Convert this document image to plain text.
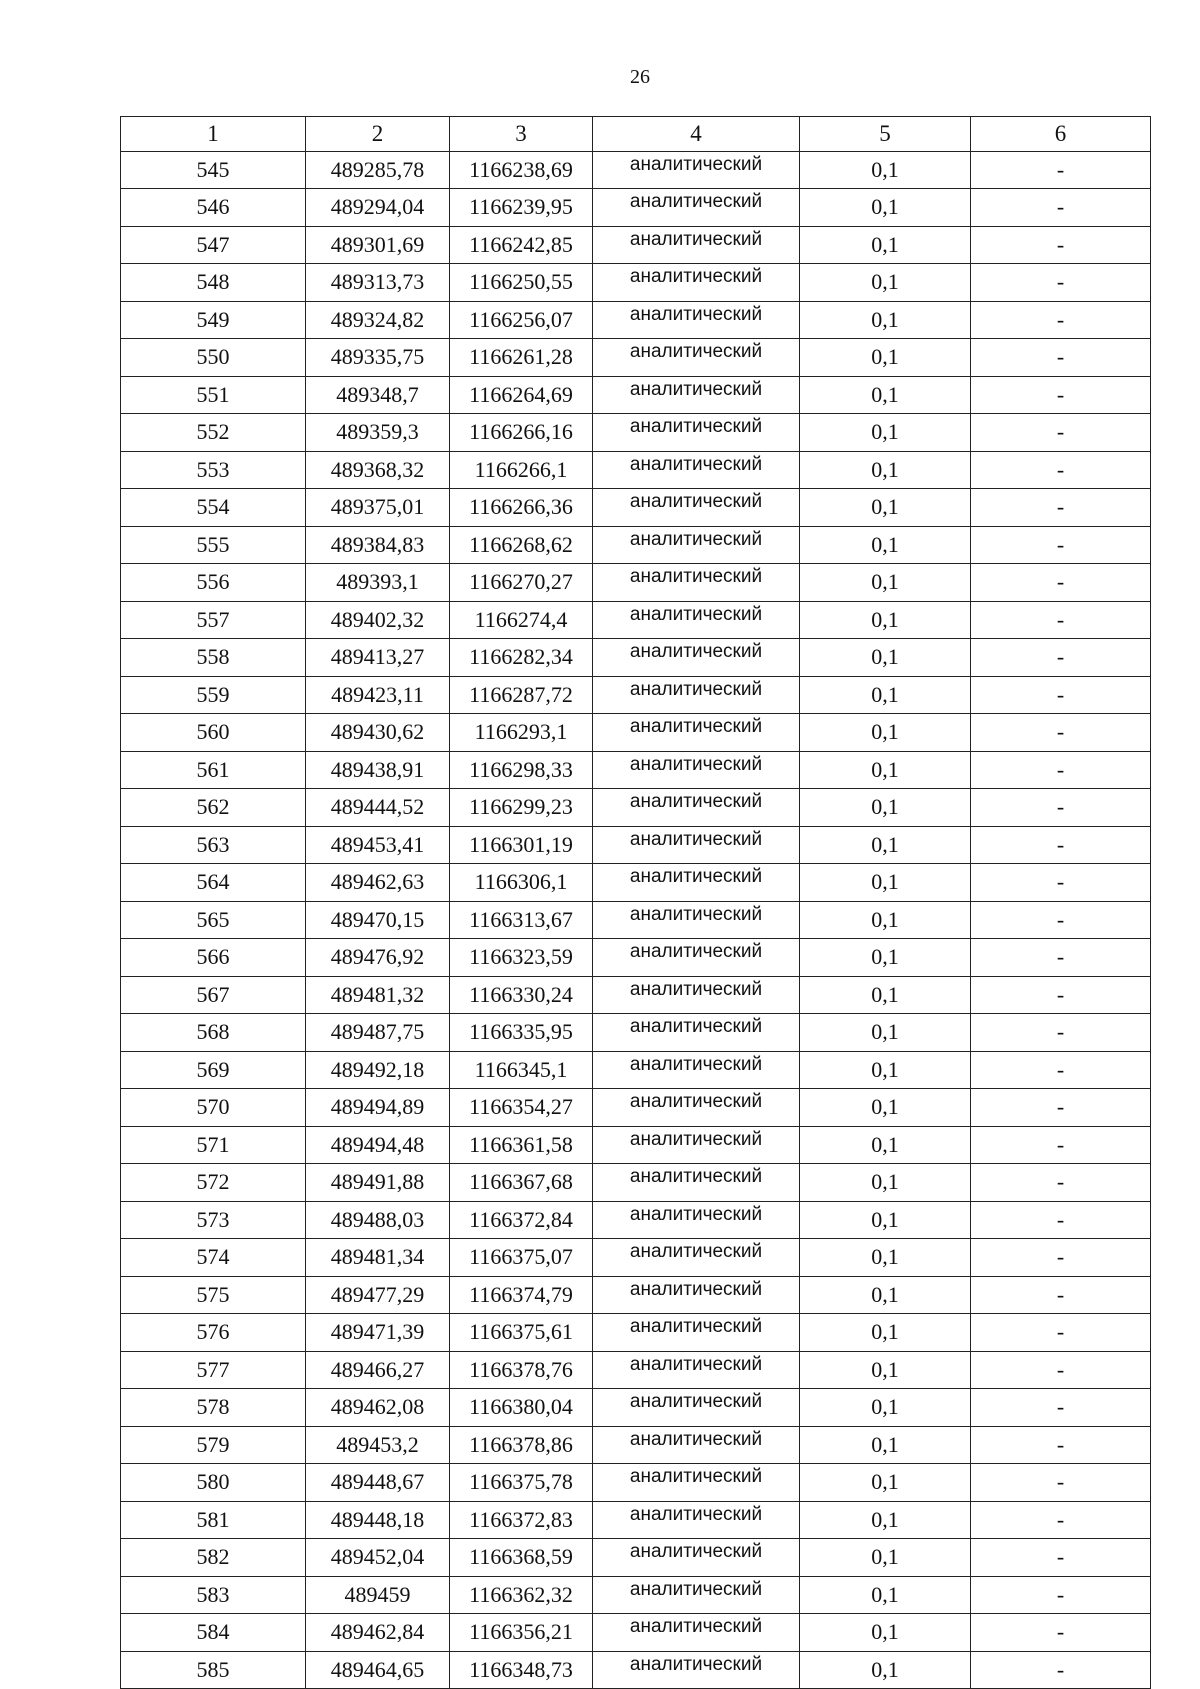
26
1	2	3	4	5	6
545	489285,78	1166238,69	аналитический	0,1	-
546	489294,04	1166239,95	аналитический	0,1	-
547	489301,69	1166242,85	аналитический	0,1	-
548	489313,73	1166250,55	аналитический	0,1	-
549	489324,82	1166256,07	аналитический	0,1	-
550	489335,75	1166261,28	аналитический	0,1	-
551	489348,7	1166264,69	аналитический	0,1	-
552	489359,3	1166266,16	аналитический	0,1	-
553	489368,32	1166266,1	аналитический	0,1	-
554	489375,01	1166266,36	аналитический	0,1	-
555	489384,83	1166268,62	аналитический	0,1	-
556	489393,1	1166270,27	аналитический	0,1	-
557	489402,32	1166274,4	аналитический	0,1	-
558	489413,27	1166282,34	аналитический	0,1	-
559	489423,11	1166287,72	аналитический	0,1	-
560	489430,62	1166293,1	аналитический	0,1	-
561	489438,91	1166298,33	аналитический	0,1	-
562	489444,52	1166299,23	аналитический	0,1	-
563	489453,41	1166301,19	аналитический	0,1	-
564	489462,63	1166306,1	аналитический	0,1	-
565	489470,15	1166313,67	аналитический	0,1	-
566	489476,92	1166323,59	аналитический	0,1	-
567	489481,32	1166330,24	аналитический	0,1	-
568	489487,75	1166335,95	аналитический	0,1	-
569	489492,18	1166345,1	аналитический	0,1	-
570	489494,89	1166354,27	аналитический	0,1	-
571	489494,48	1166361,58	аналитический	0,1	-
572	489491,88	1166367,68	аналитический	0,1	-
573	489488,03	1166372,84	аналитический	0,1	-
574	489481,34	1166375,07	аналитический	0,1	-
575	489477,29	1166374,79	аналитический	0,1	-
576	489471,39	1166375,61	аналитический	0,1	-
577	489466,27	1166378,76	аналитический	0,1	-
578	489462,08	1166380,04	аналитический	0,1	-
579	489453,2	1166378,86	аналитический	0,1	-
580	489448,67	1166375,78	аналитический	0,1	-
581	489448,18	1166372,83	аналитический	0,1	-
582	489452,04	1166368,59	аналитический	0,1	-
583	489459	1166362,32	аналитический	0,1	-
584	489462,84	1166356,21	аналитический	0,1	-
585	489464,65	1166348,73	аналитический	0,1	-
